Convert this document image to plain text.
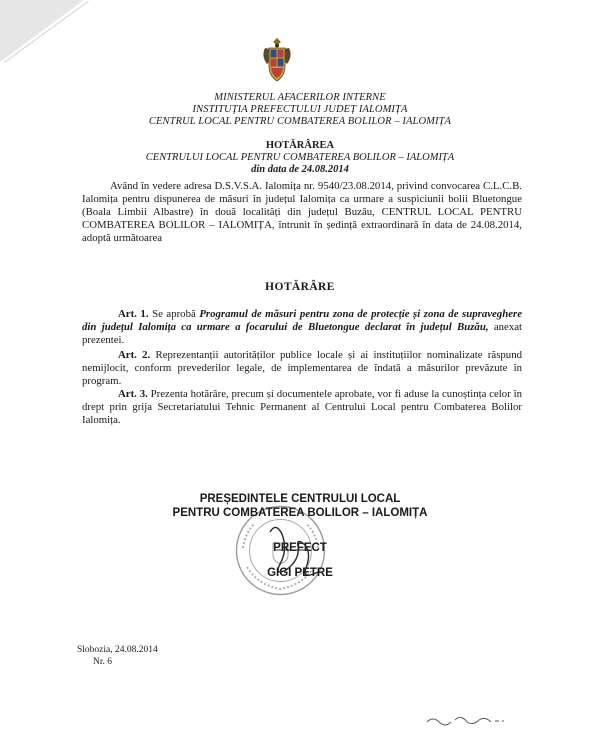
MINISTERUL AFACERILOR INTERNE
INSTITUȚIA PREFECTULUI JUDEȚ IALOMIȚA
CENTRUL LOCAL PENTRU COMBATEREA BOLILOR – IALOMIȚA
HOTĂRÂREA
CENTRULUI LOCAL PENTRU COMBATEREA BOLILOR – IALOMIȚA
din data de 24.08.2014
Având în vedere adresa D.S.V.S.A. Ialomița nr. 9540/23.08.2014, privind convocarea C.L.C.B. Ialomița pentru dispunerea de măsuri în județul Ialomița ca urmare a suspiciunii bolii Bluetongue (Boala Limbii Albastre) în două localități din județul Buzău, CENTRUL LOCAL PENTRU COMBATEREA BOLILOR – IALOMIȚA, întrunit în ședință extraordinară în data de 24.08.2014, adoptă următoarea
HOTĂRÂRE
Art. 1. Se aprobă Programul de măsuri pentru zona de protecție și zona de supraveghere din județul Ialomița ca urmare a focarului de Bluetongue declarat în județul Buzău, anexat prezentei.
Art. 2. Reprezentanții autorităților publice locale și ai instituțiilor nominalizate răspund nemijlocit, conform prevederilor legale, de implementarea de îndată a măsurilor prevăzute în program.
Art. 3. Prezenta hotărâre, precum și documentele aprobate, vor fi aduse la cunoștința celor în drept prin grija Secretariatului Tehnic Permanent al Centrului Local pentru Combaterea Bolilor Ialomița.
PREȘEDINTELE CENTRULUI LOCAL
PENTRU COMBATEREA BOLILOR – IALOMIȚA
PREFECT
GIGI PETRE
Slobozia, 24.08.2014
Nr. 6
